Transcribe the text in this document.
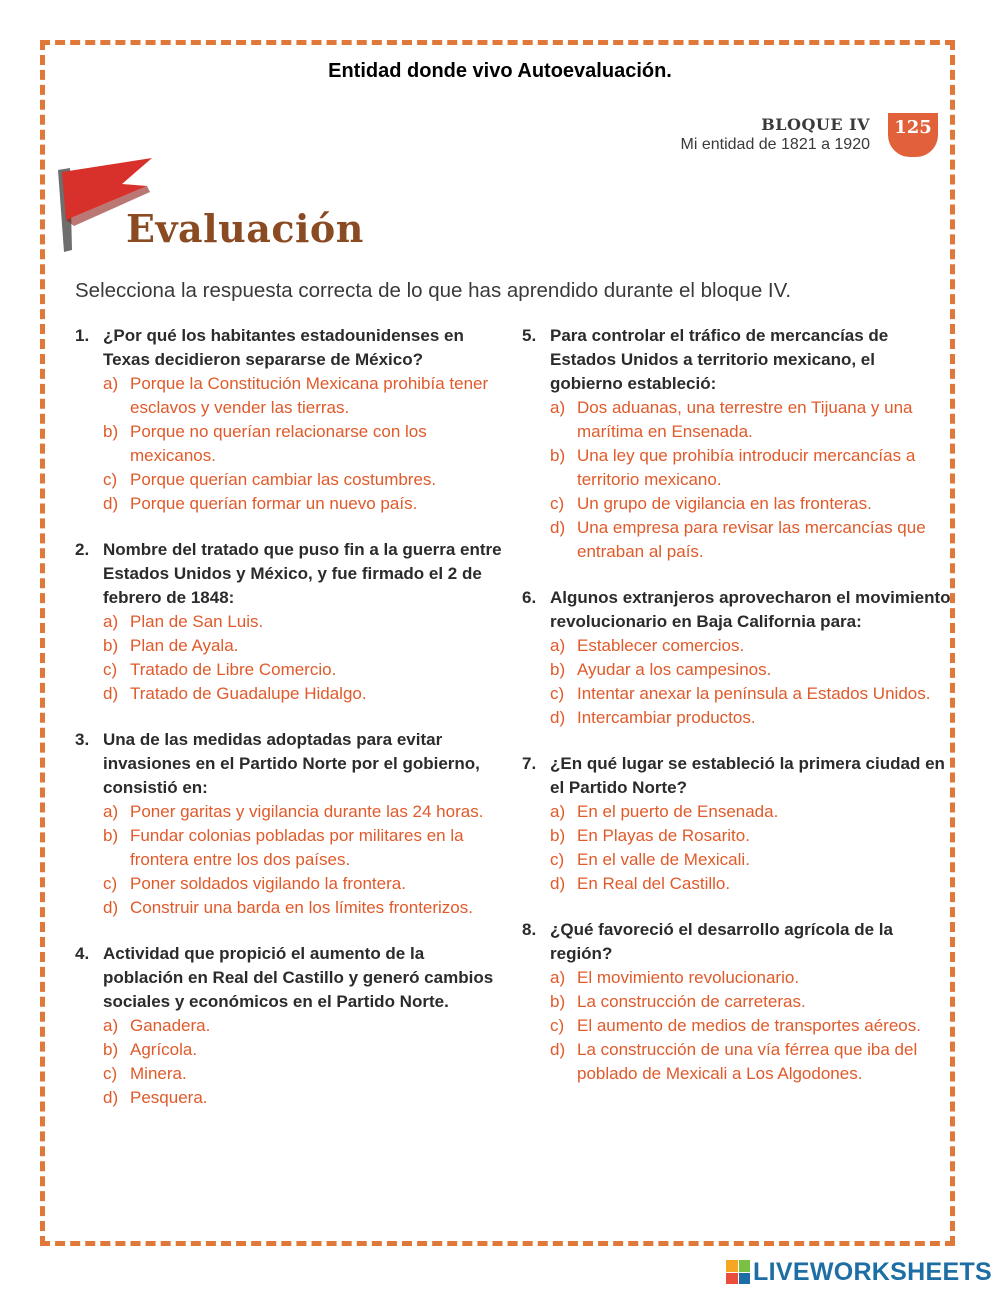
Entidad donde vivo Autoevaluación.
BLOQUE IV
Mi entidad de 1821 a 1920
125
Evaluación
Selecciona la respuesta correcta de lo que has aprendido durante el bloque IV.
1. ¿Por qué los habitantes estadounidenses en Texas decidieron separarse de México?
a) Porque la Constitución Mexicana prohibía tener esclavos y vender las tierras.
b) Porque no querían relacionarse con los mexicanos.
c) Porque querían cambiar las costumbres.
d) Porque querían formar un nuevo país.
2. Nombre del tratado que puso fin a la guerra entre Estados Unidos y México, y fue firmado el 2 de febrero de 1848:
a) Plan de San Luis.
b) Plan de Ayala.
c) Tratado de Libre Comercio.
d) Tratado de Guadalupe Hidalgo.
3. Una de las medidas adoptadas para evitar invasiones en el Partido Norte por el gobierno, consistió en:
a) Poner garitas y vigilancia durante las 24 horas.
b) Fundar colonias pobladas por militares en la frontera entre los dos países.
c) Poner soldados vigilando la frontera.
d) Construir una barda en los límites fronterizos.
4. Actividad que propició el aumento de la población en Real del Castillo y generó cambios sociales y económicos en el Partido Norte.
a) Ganadera.
b) Agrícola.
c) Minera.
d) Pesquera.
5. Para controlar el tráfico de mercancías de Estados Unidos a territorio mexicano, el gobierno estableció:
a) Dos aduanas, una terrestre en Tijuana y una marítima en Ensenada.
b) Una ley que prohibía introducir mercancías a territorio mexicano.
c) Un grupo de vigilancia en las fronteras.
d) Una empresa para revisar las mercancías que entraban al país.
6. Algunos extranjeros aprovecharon el movimiento revolucionario en Baja California para:
a) Establecer comercios.
b) Ayudar a los campesinos.
c) Intentar anexar la península a Estados Unidos.
d) Intercambiar productos.
7. ¿En qué lugar se estableció la primera ciudad en el Partido Norte?
a) En el puerto de Ensenada.
b) En Playas de Rosarito.
c) En el valle de Mexicali.
d) En Real del Castillo.
8. ¿Qué favoreció el desarrollo agrícola de la región?
a) El movimiento revolucionario.
b) La construcción de carreteras.
c) El aumento de medios de transportes aéreos.
d) La construcción de una vía férrea que iba del poblado de Mexicali a Los Algodones.
LIVEWORKSHEETS
